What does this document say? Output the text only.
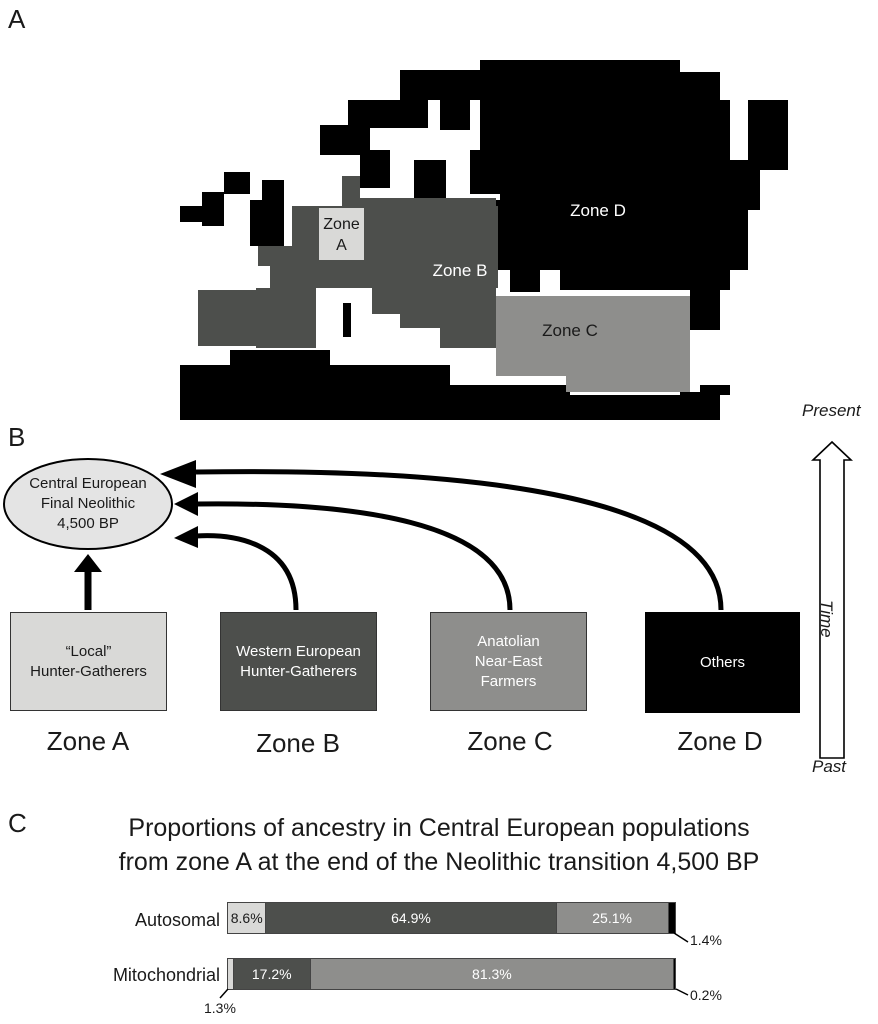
A
B
C
Zone
A
Zone B
Zone C
Zone D
Central European
Final Neolithic
4,500 BP
“Local”
Hunter-Gatherers
Western European
Hunter-Gatherers
Anatolian
Near-East
Farmers
Others
Zone A	Zone B	Zone C	Zone D
Present
Time
Past
Proportions of ancestry in Central European populations
from zone A at the end of the Neolithic transition 4,500 BP
Autosomal
Mitochondrial
8.6%	64.9%	25.1%
17.2%	81.3%
1.4%
1.3%
0.2%
